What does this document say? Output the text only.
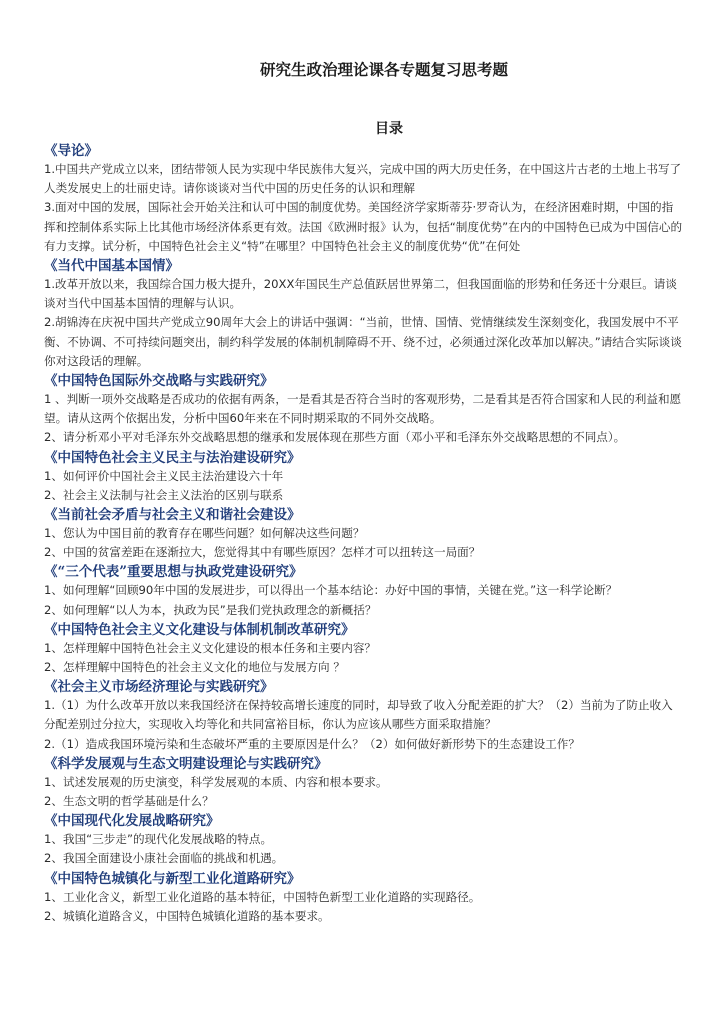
研究生政治理论课各专题复习思考题
目录
《导论》
1.中国共产党成立以来，团结带领人民为实现中华民族伟大复兴，完成中国的两大历史任务，在中国这片古老的土地上书写了人类发展史上的壮丽史诗。请你谈谈对当代中国的历史任务的认识和理解
3.面对中国的发展，国际社会开始关注和认可中国的制度优势。美国经济学家斯蒂芬·罗奇认为，在经济困难时期，中国的指挥和控制体系实际上比其他市场经济体系更有效。法国《欧洲时报》认为，包括“制度优势”在内的中国特色已成为中国信心的有力支撑。试分析，中国特色社会主义“特”在哪里？中国特色社会主义的制度优势“优”在何处
《当代中国基本国情》
1.改革开放以来，我国综合国力极大提升，20XX年国民生产总值跃居世界第二，但我国面临的形势和任务还十分艰巨。请谈谈对当代中国基本国情的理解与认识。
2.胡锦涛在庆祝中国共产党成立90周年大会上的讲话中强调：“当前，世情、国情、党情继续发生深刻变化，我国发展中不平衡、不协调、不可持续问题突出，制约科学发展的体制机制障碍不开、绕不过，必须通过深化改革加以解决。”请结合实际谈谈你对这段话的理解。
《中国特色国际外交战略与实践研究》
1 、判断一项外交战略是否成功的依据有两条，一是看其是否符合当时的客观形势，二是看其是否符合国家和人民的利益和愿望。请从这两个依据出发，分析中国60年来在不同时期采取的不同外交战略。
2、请分析邓小平对毛泽东外交战略思想的继承和发展体现在那些方面（邓小平和毛泽东外交战略思想的不同点）。
《中国特色社会主义民主与法治建设研究》
1、如何评价中国社会主义民主法治建设六十年
2、社会主义法制与社会主义法治的区别与联系
《当前社会矛盾与社会主义和谐社会建设》
1、您认为中国目前的教育存在哪些问题？如何解决这些问题？
2、中国的贫富差距在逐渐拉大，您觉得其中有哪些原因？怎样才可以扭转这一局面？
《“三个代表”重要思想与执政党建设研究》
1、如何理解“回顾90年中国的发展进步，可以得出一个基本结论：办好中国的事情，关键在党。”这一科学论断？
2、如何理解“以人为本，执政为民”是我们党执政理念的新概括？
《中国特色社会主义文化建设与体制机制改革研究》
1、怎样理解中国特色社会主义文化建设的根本任务和主要内容？
2、怎样理解中国特色的社会主义文化的地位与发展方向 ？
《社会主义市场经济理论与实践研究》
1.（1）为什么改革开放以来我国经济在保持较高增长速度的同时，却导致了收入分配差距的扩大？（2）当前为了防止收入分配差别过分拉大，实现收入均等化和共同富裕目标，你认为应该从哪些方面采取措施？
2.（1）造成我国环境污染和生态破坏严重的主要原因是什么？（2）如何做好新形势下的生态建设工作？
《科学发展观与生态文明建设理论与实践研究》
1、试述发展观的历史演变，科学发展观的本质、内容和根本要求。
2、生态文明的哲学基础是什么？
《中国现代化发展战略研究》
1、我国“三步走”的现代化发展战略的特点。
2、我国全面建设小康社会面临的挑战和机遇。
《中国特色城镇化与新型工业化道路研究》
1、工业化含义，新型工业化道路的基本特征，中国特色新型工业化道路的实现路径。
2、城镇化道路含义，中国特色城镇化道路的基本要求。
